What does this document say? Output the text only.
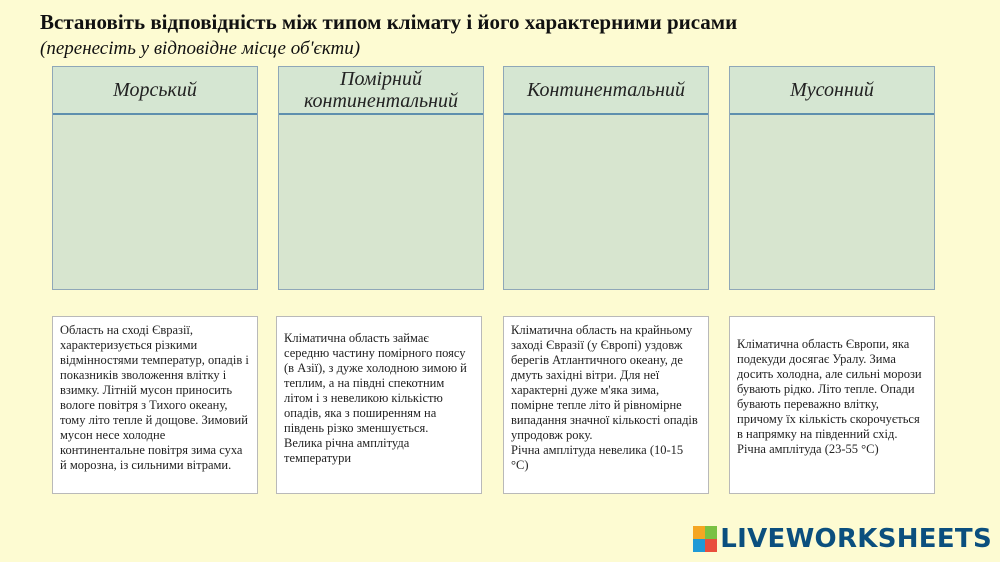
Встановіть відповідність між типом клімату і його характерними рисами
(перенесіть у відповідне місце об'єкти)
Морський	Помірний континентальний	Континентальний	Мусонний
Область на сході Євразії, характеризується різкими відмінностями температур, опадів і показників зволоження влітку і взимку. Літній мусон приносить вологе повітря з Тихого океану, тому літо тепле й дощове. Зимовий мусон несе холодне континентальне повітря зима суха й морозна, із сильними вітрами.
Кліматична область займає середню частину помірного поясу (в Азії), з дуже холодною зимою й теплим, а на півдні спекотним літом і з невеликою кількістю опадів, яка з поширенням на південь різко зменшується.
Велика річна амплітуда температури
Кліматична область на крайньому заході Євразії (у Європі) уздовж берегів Атлантичного океану, де дмуть західні вітри. Для неї характерні дуже м'яка зима, помірне тепле літо й рівномірне випадання значної кількості опадів упродовж року.
Річна амплітуда невелика (10-15 °С)
Кліматична область Європи, яка подекуди досягає Уралу. Зима досить холодна, але сильні морози бувають рідко. Літо тепле. Опади бувають переважно влітку, причому їх кількість скорочується в напрямку на південний схід.
Річна амплітуда (23-55 °С)
LIVEWORKSHEETS
